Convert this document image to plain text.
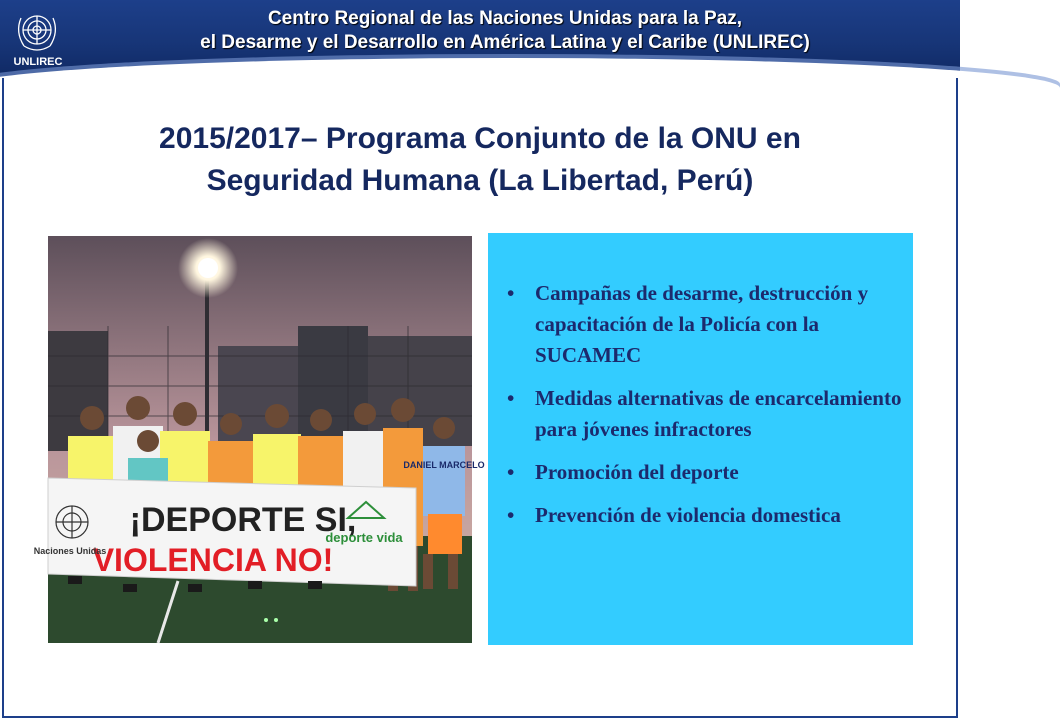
UNLIREC
Centro Regional de las Naciones Unidas para la Paz,
el Desarme y el Desarrollo en América Latina y el Caribe (UNLIREC)
2015/2017– Programa Conjunto de la ONU en
Seguridad Humana (La Libertad, Perú)
DANIEL MARCELO
¡DEPORTE SI,
VIOLENCIA NO!
Naciones Unidas
deporte vida
• Campañas de desarme, destrucción y capacitación de la Policía con la SUCAMEC
• Medidas alternativas de encarcelamiento para jóvenes infractores
• Promoción del deporte
• Prevención de violencia domestica
